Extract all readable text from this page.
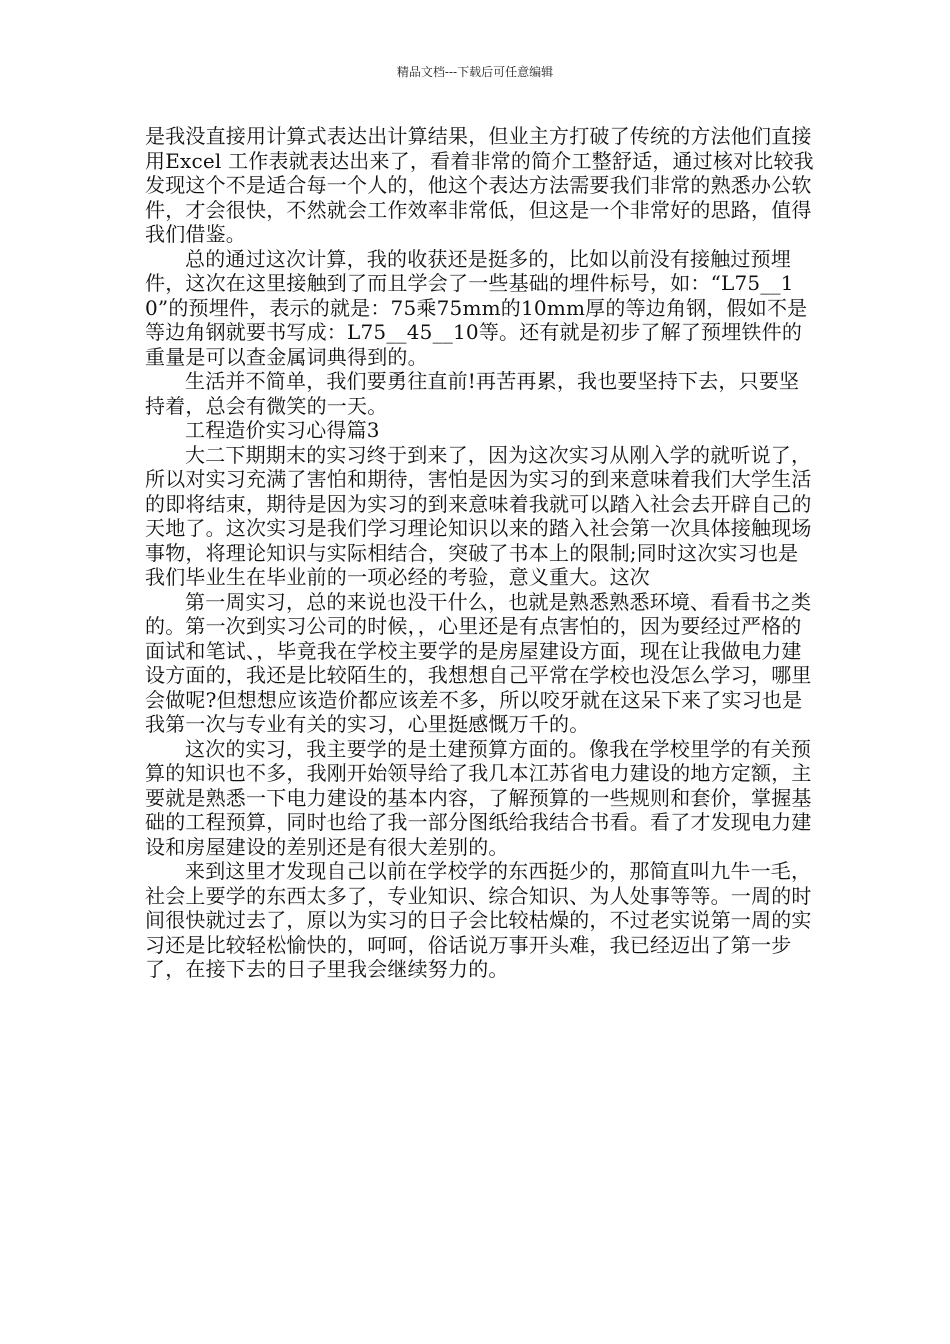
精品文档---下载后可任意编辑

是我没直接用计算式表达出计算结果，但业主方打破了传统的方法他们直接用Excel 工作表就表达出来了，看着非常的简介工整舒适，通过核对比较我发现这个不是适合每一个人的，他这个表达方法需要我们非常的熟悉办公软件，才会很快，不然就会工作效率非常低，但这是一个非常好的思路，值得我们借鉴。

总的通过这次计算，我的收获还是挺多的，比如以前没有接触过预埋件，这次在这里接触到了而且学会了一些基础的埋件标号，如：“L75__10”的预埋件，表示的就是：75乘75mm的10mm厚的等边角钢，假如不是等边角钢就要书写成：L75__45__10等。还有就是初步了解了预埋铁件的重量是可以查金属词典得到的。

生活并不简单，我们要勇往直前!再苦再累，我也要坚持下去，只要坚持着，总会有微笑的一天。

工程造价实习心得篇3

大二下期期末的实习终于到来了，因为这次实习从刚入学的就听说了，所以对实习充满了害怕和期待，害怕是因为实习的到来意味着我们大学生活的即将结束，期待是因为实习的到来意味着我就可以踏入社会去开辟自己的天地了。这次实习是我们学习理论知识以来的踏入社会第一次具体接触现场事物，将理论知识与实际相结合，突破了书本上的限制;同时这次实习也是我们毕业生在毕业前的一项必经的考验，意义重大。这次

第一周实习，总的来说也没干什么，也就是熟悉熟悉环境、看看书之类的。第一次到实习公司的时候，，心里还是有点害怕的，因为要经过严格的面试和笔试、，毕竟我在学校主要学的是房屋建设方面，现在让我做电力建设方面的，我还是比较陌生的，我想想自己平常在学校也没怎么学习，哪里会做呢?但想想应该造价都应该差不多，所以咬牙就在这呆下来了实习也是我第一次与专业有关的实习，心里挺感慨万千的。

这次的实习，我主要学的是土建预算方面的。像我在学校里学的有关预算的知识也不多，我刚开始领导给了我几本江苏省电力建设的地方定额，主要就是熟悉一下电力建设的基本内容，了解预算的一些规则和套价，掌握基础的工程预算，同时也给了我一部分图纸给我结合书看。看了才发现电力建设和房屋建设的差别还是有很大差别的。

来到这里才发现自己以前在学校学的东西挺少的，那简直叫九牛一毛，社会上要学的东西太多了，专业知识、综合知识、为人处事等等。一周的时间很快就过去了，原以为实习的日子会比较枯燥的，不过老实说第一周的实习还是比较轻松愉快的，呵呵，俗话说万事开头难，我已经迈出了第一步了，在接下去的日子里我会继续努力的。
